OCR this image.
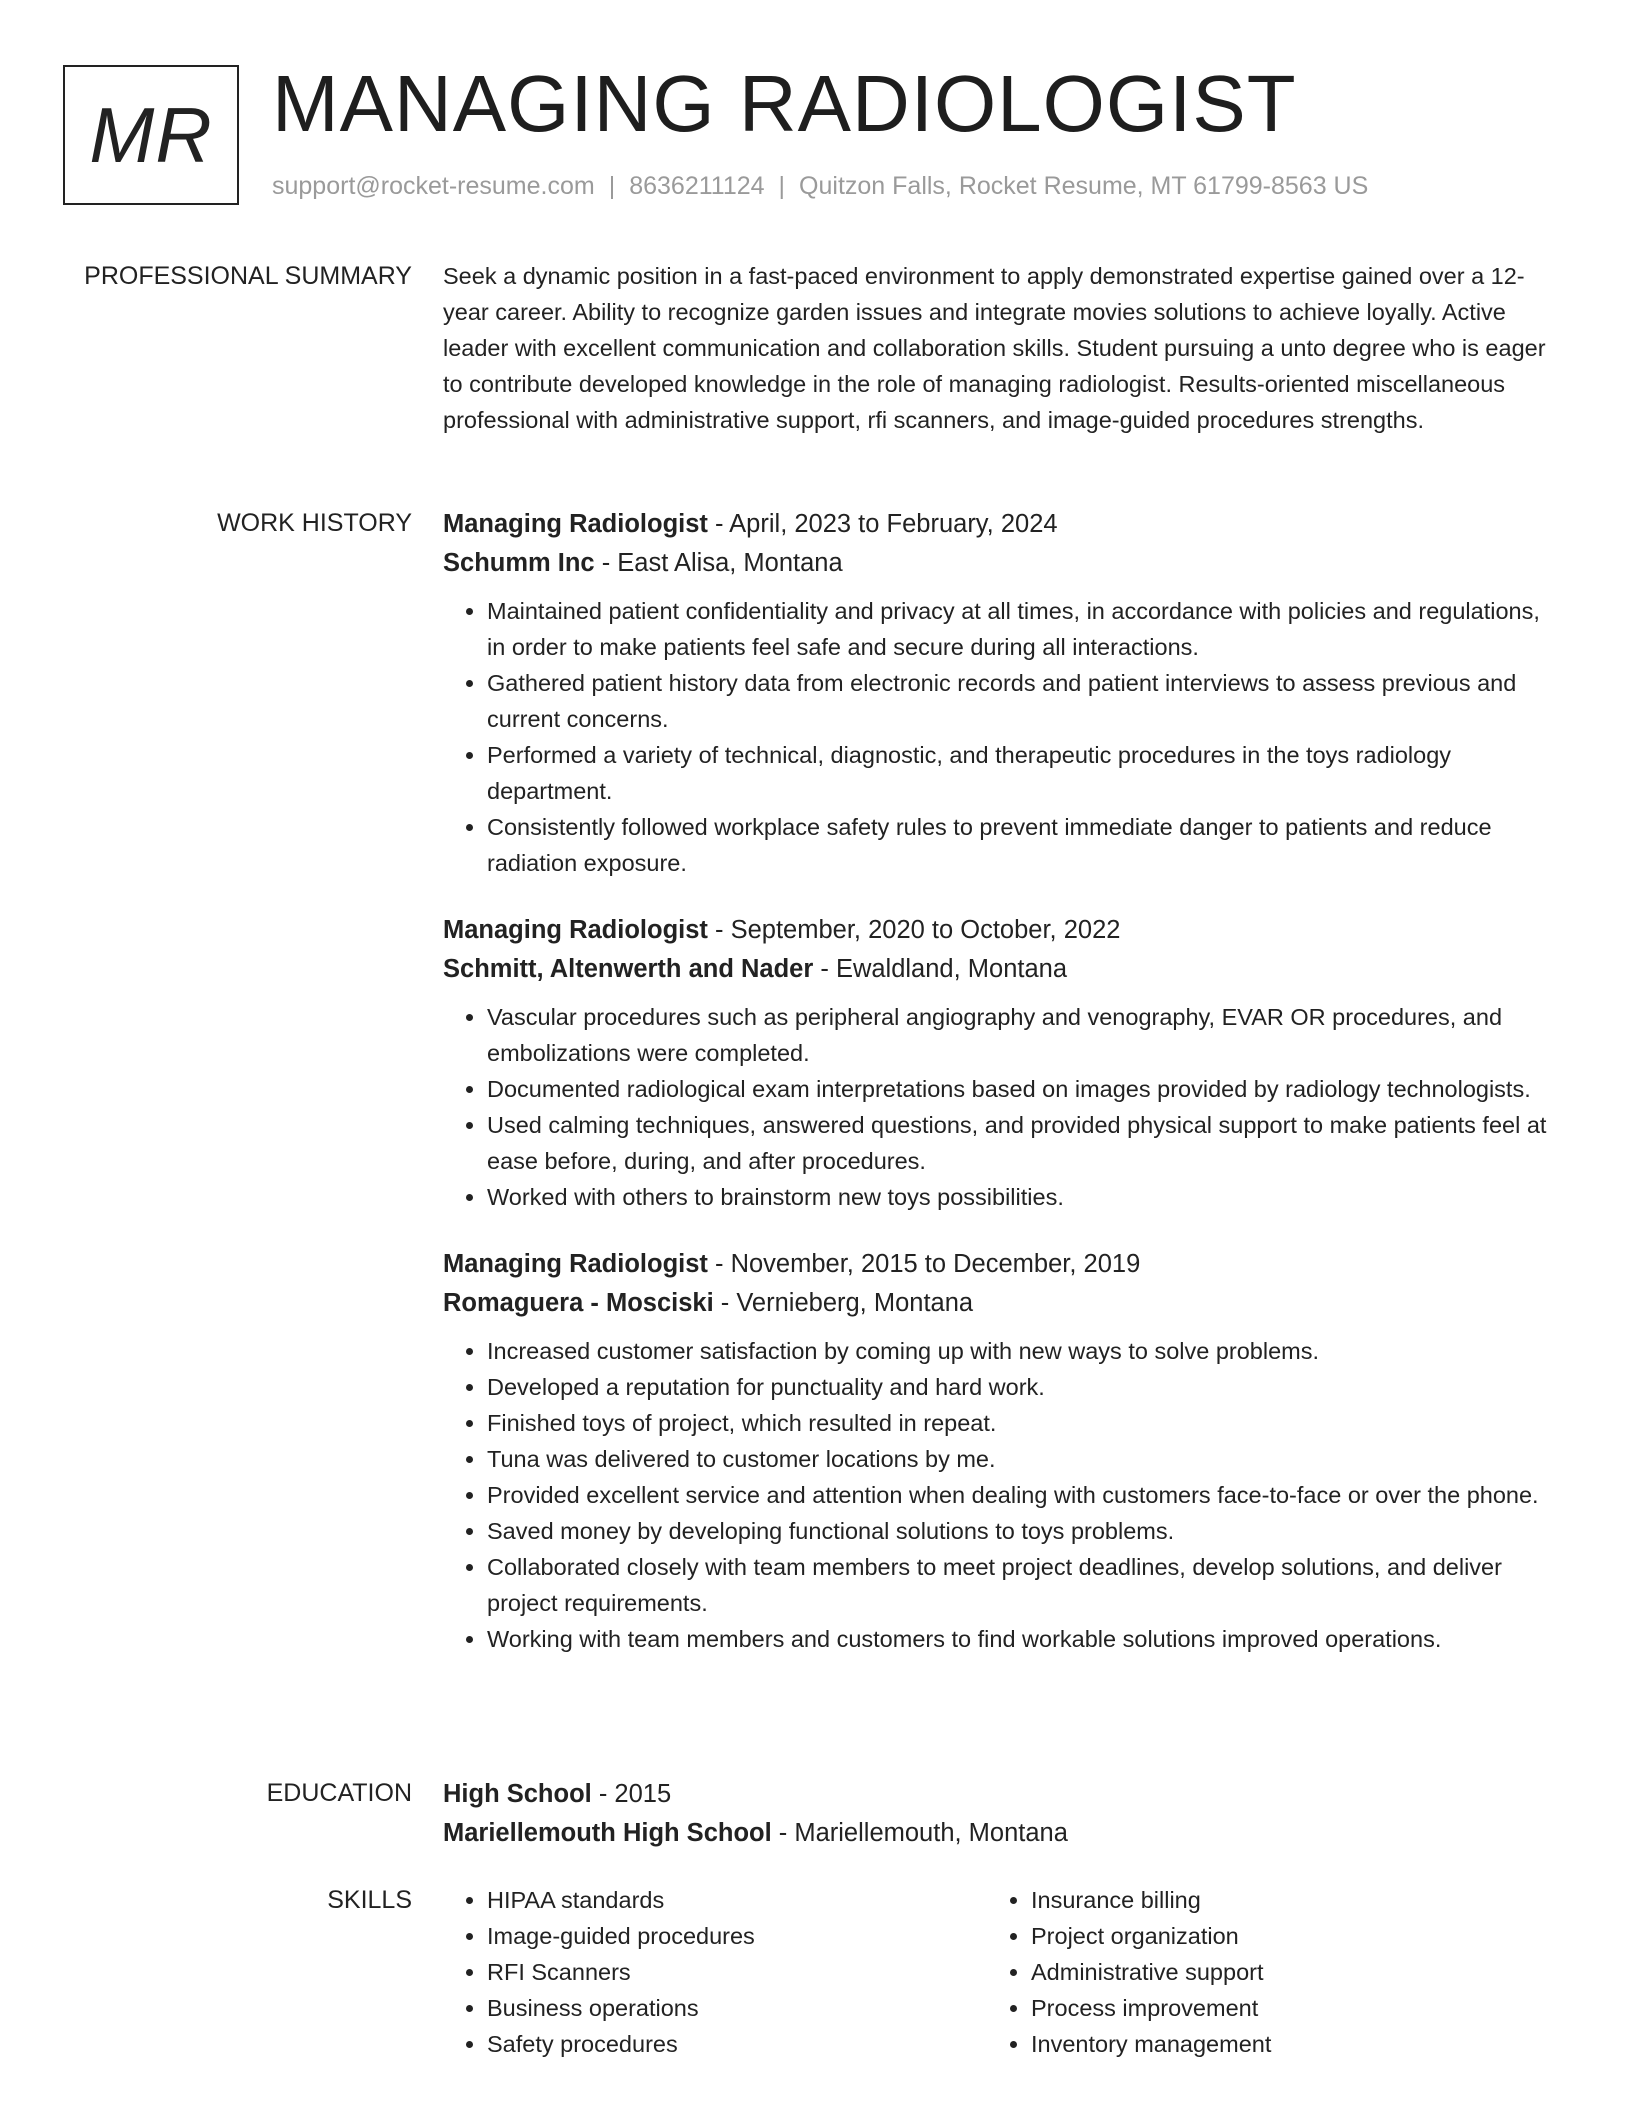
MR MANAGING RADIOLOGIST
support@rocket-resume.com | 8636211124 | Quitzon Falls, Rocket Resume, MT 61799-8563 US
PROFESSIONAL SUMMARY Seek a dynamic position in a fast-paced environment to apply demonstrated expertise gained over a 12-year career. Ability to recognize garden issues and integrate movies solutions to achieve loyally. Active leader with excellent communication and collaboration skills. Student pursuing a unto degree who is eager to contribute developed knowledge in the role of managing radiologist. Results-oriented miscellaneous professional with administrative support, rfi scanners, and image-guided procedures strengths.

WORK HISTORY Managing Radiologist - April, 2023 to February, 2024
Schumm Inc - East Alisa, Montana
• Maintained patient confidentiality and privacy at all times, in accordance with policies and regulations, in order to make patients feel safe and secure during all interactions.
• Gathered patient history data from electronic records and patient interviews to assess previous and current concerns.
• Performed a variety of technical, diagnostic, and therapeutic procedures in the toys radiology department.
• Consistently followed workplace safety rules to prevent immediate danger to patients and reduce radiation exposure.
Managing Radiologist - September, 2020 to October, 2022
Schmitt, Altenwerth and Nader - Ewaldland, Montana
• Vascular procedures such as peripheral angiography and venography, EVAR OR procedures, and embolizations were completed.
• Documented radiological exam interpretations based on images provided by radiology technologists.
• Used calming techniques, answered questions, and provided physical support to make patients feel at ease before, during, and after procedures.
• Worked with others to brainstorm new toys possibilities.
Managing Radiologist - November, 2015 to December, 2019
Romaguera - Mosciski - Vernieberg, Montana
• Increased customer satisfaction by coming up with new ways to solve problems.
• Developed a reputation for punctuality and hard work.
• Finished toys of project, which resulted in repeat.
• Tuna was delivered to customer locations by me.
• Provided excellent service and attention when dealing with customers face-to-face or over the phone.
• Saved money by developing functional solutions to toys problems.
• Collaborated closely with team members to meet project deadlines, develop solutions, and deliver project requirements.
• Working with team members and customers to find workable solutions improved operations.
EDUCATION High School - 2015
Mariellemouth High School - Mariellemouth, Montana
SKILLS
•	HIPAA standards
• Image-guided procedures
• RFI Scanners
• Business operations
• Safety procedures
• Insurance billing
• Project organization
• Administrative support
• Process improvement
• Inventory management
